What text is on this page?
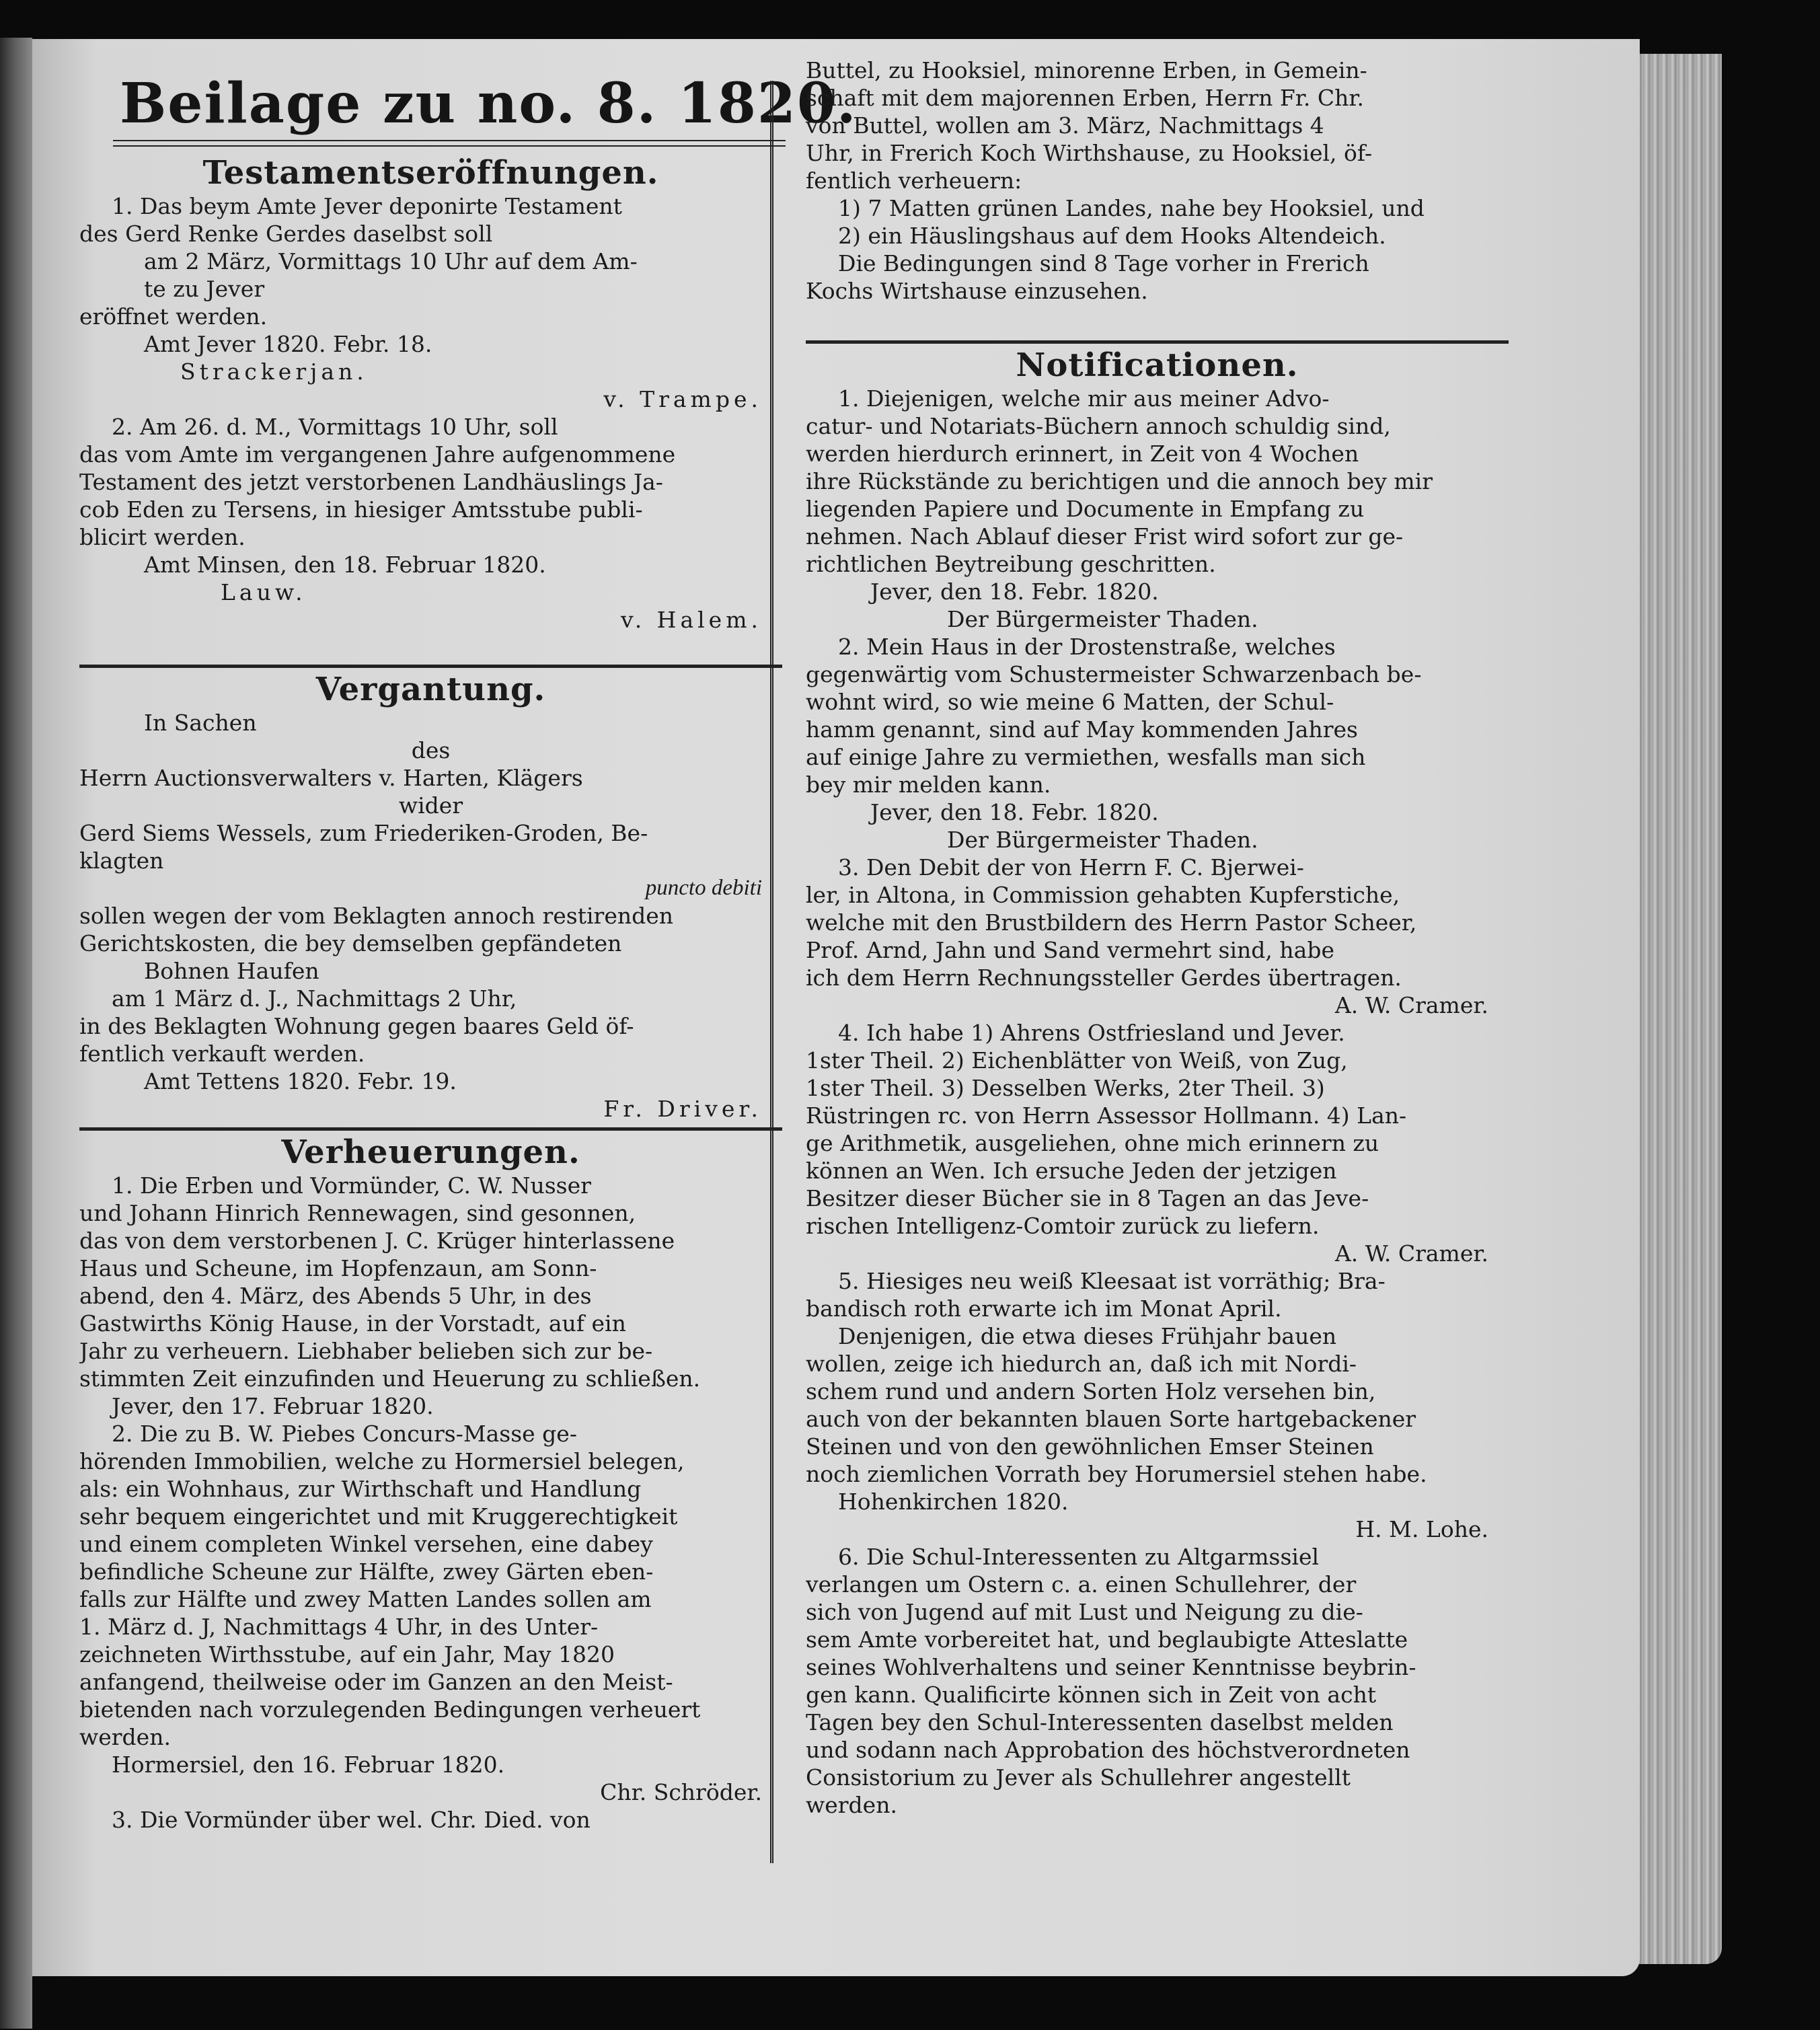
Beilage zu no. 8. 1820.
Testamentseröffnungen.
1. Das beym Amte Jever deponirte Testament
des Gerd Renke Gerdes daselbst soll
am 2 März, Vormittags 10 Uhr auf dem Am-
te zu Jever
eröffnet werden.
Amt Jever 1820. Febr. 18.
Strackerjan.
v. Trampe.
2. Am 26. d. M., Vormittags 10 Uhr, soll
das vom Amte im vergangenen Jahre aufgenommene
Testament des jetzt verstorbenen Landhäuslings Ja-
cob Eden zu Tersens, in hiesiger Amtsstube publi-
blicirt werden.
Amt Minsen, den 18. Februar 1820.
Lauw.
v. Halem.
Vergantung.
In Sachen
des
Herrn Auctionsverwalters v. Harten, Klägers
wider
Gerd Siems Wessels, zum Friederiken-Groden, Be-
klagten
puncto debiti
sollen wegen der vom Beklagten annoch restirenden
Gerichtskosten, die bey demselben gepfändeten
Bohnen Haufen
am 1 März d. J., Nachmittags 2 Uhr,
in des Beklagten Wohnung gegen baares Geld öf-
fentlich verkauft werden.
Amt Tettens 1820. Febr. 19.
Fr. Driver.
Verheuerungen.
1. Die Erben und Vormünder, C. W. Nusser
und Johann Hinrich Rennewagen, sind gesonnen,
das von dem verstorbenen J. C. Krüger hinterlassene
Haus und Scheune, im Hopfenzaun, am Sonn-
abend, den 4. März, des Abends 5 Uhr, in des
Gastwirths König Hause, in der Vorstadt, auf ein
Jahr zu verheuern. Liebhaber belieben sich zur be-
stimmten Zeit einzufinden und Heuerung zu schließen.
Jever, den 17. Februar 1820.
2. Die zu B. W. Piebes Concurs-Masse ge-
hörenden Immobilien, welche zu Hormersiel belegen,
als: ein Wohnhaus, zur Wirthschaft und Handlung
sehr bequem eingerichtet und mit Kruggerechtigkeit
und einem completen Winkel versehen, eine dabey
befindliche Scheune zur Hälfte, zwey Gärten eben-
falls zur Hälfte und zwey Matten Landes sollen am
1. März d. J, Nachmittags 4 Uhr, in des Unter-
zeichneten Wirthsstube, auf ein Jahr, May 1820
anfangend, theilweise oder im Ganzen an den Meist-
bietenden nach vorzulegenden Bedingungen verheuert
werden.
Hormersiel, den 16. Februar 1820.
Chr. Schröder.
3. Die Vormünder über wel. Chr. Died. von
Buttel, zu Hooksiel, minorenne Erben, in Gemein-
schaft mit dem majorennen Erben, Herrn Fr. Chr.
von Buttel, wollen am 3. März, Nachmittags 4
Uhr, in Frerich Koch Wirthshause, zu Hooksiel, öf-
fentlich verheuern:
1) 7 Matten grünen Landes, nahe bey Hooksiel, und
2) ein Häuslingshaus auf dem Hooks Altendeich.
Die Bedingungen sind 8 Tage vorher in Frerich
Kochs Wirtshause einzusehen.
Notificationen.
1. Diejenigen, welche mir aus meiner Advo-
catur- und Notariats-Büchern annoch schuldig sind,
werden hierdurch erinnert, in Zeit von 4 Wochen
ihre Rückstände zu berichtigen und die annoch bey mir
liegenden Papiere und Documente in Empfang zu
nehmen. Nach Ablauf dieser Frist wird sofort zur ge-
richtlichen Beytreibung geschritten.
Jever, den 18. Febr. 1820.
Der Bürgermeister Thaden.
2. Mein Haus in der Drostenstraße, welches
gegenwärtig vom Schustermeister Schwarzenbach be-
wohnt wird, so wie meine 6 Matten, der Schul-
hamm genannt, sind auf May kommenden Jahres
auf einige Jahre zu vermiethen, wesfalls man sich
bey mir melden kann.
Jever, den 18. Febr. 1820.
Der Bürgermeister Thaden.
3. Den Debit der von Herrn F. C. Bjerwei-
ler, in Altona, in Commission gehabten Kupferstiche,
welche mit den Brustbildern des Herrn Pastor Scheer,
Prof. Arnd, Jahn und Sand vermehrt sind, habe
ich dem Herrn Rechnungssteller Gerdes übertragen.
A. W. Cramer.
4. Ich habe 1) Ahrens Ostfriesland und Jever.
1ster Theil. 2) Eichenblätter von Weiß, von Zug,
1ster Theil. 3) Desselben Werks, 2ter Theil. 3)
Rüstringen rc. von Herrn Assessor Hollmann. 4) Lan-
ge Arithmetik, ausgeliehen, ohne mich erinnern zu
können an Wen. Ich ersuche Jeden der jetzigen
Besitzer dieser Bücher sie in 8 Tagen an das Jeve-
rischen Intelligenz-Comtoir zurück zu liefern.
A. W. Cramer.
5. Hiesiges neu weiß Kleesaat ist vorräthig; Bra-
bandisch roth erwarte ich im Monat April.
Denjenigen, die etwa dieses Frühjahr bauen
wollen, zeige ich hiedurch an, daß ich mit Nordi-
schem rund und andern Sorten Holz versehen bin,
auch von der bekannten blauen Sorte hartgebackener
Steinen und von den gewöhnlichen Emser Steinen
noch ziemlichen Vorrath bey Horumersiel stehen habe.
Hohenkirchen 1820.
H. M. Lohe.
6. Die Schul-Interessenten zu Altgarmssiel
verlangen um Ostern c. a. einen Schullehrer, der
sich von Jugend auf mit Lust und Neigung zu die-
sem Amte vorbereitet hat, und beglaubigte Atteslatte
seines Wohlverhaltens und seiner Kenntnisse beybrin-
gen kann. Qualificirte können sich in Zeit von acht
Tagen bey den Schul-Interessenten daselbst melden
und sodann nach Approbation des höchstverordneten
Consistorium zu Jever als Schullehrer angestellt
werden.
